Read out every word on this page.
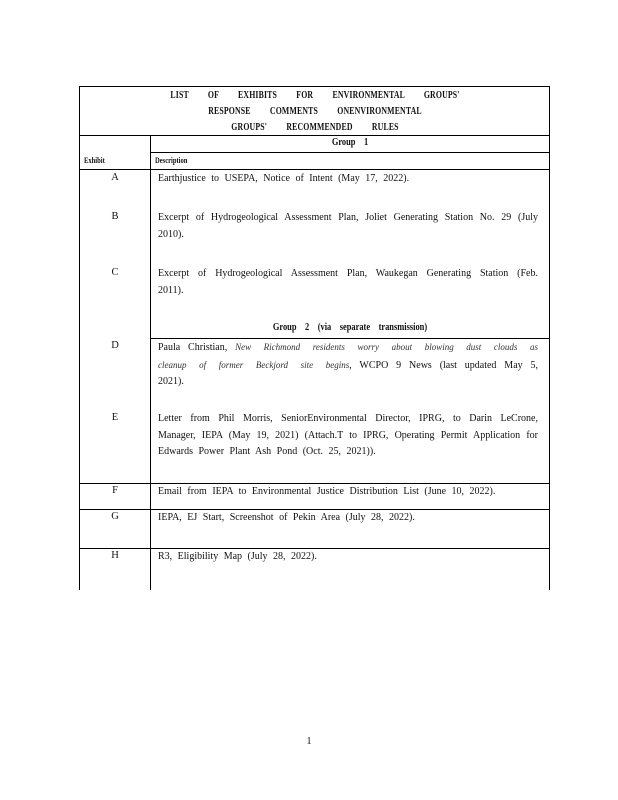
LIST OF EXHIBITS FOR ENVIRONMENTAL GROUPS'
RESPONSE COMMENTS ONENVIRONMENTAL
GROUPS' RECOMMENDED RULES
Group 1
Exhibit	Description
A	Earthjustice to USEPA, Notice of Intent (May 17, 2022).
B	Excerpt of Hydrogeological Assessment Plan, Joliet Generating Station No. 29 (July 2010).
C	Excerpt of Hydrogeological Assessment Plan, Waukegan Generating Station (Feb. 2011).
Group 2 (via separate transmission)
D	Paula Christian, New Richmond residents worry about blowing dust clouds as cleanup of former Beckjord site begins, WCPO 9 News (last updated May 5, 2021).
E	Letter from Phil Morris, SeniorEnvironmental Director, IPRG, to Darin LeCrone, Manager, IEPA (May 19, 2021) (Attach.T to IPRG, Operating Permit Application for Edwards Power Plant Ash Pond (Oct. 25, 2021)).
F	Email from IEPA to Environmental Justice Distribution List (June 10, 2022).
G	IEPA, EJ Start, Screenshot of Pekin Area (July 28, 2022).
H	R3, Eligibility Map (July 28, 2022).
1
